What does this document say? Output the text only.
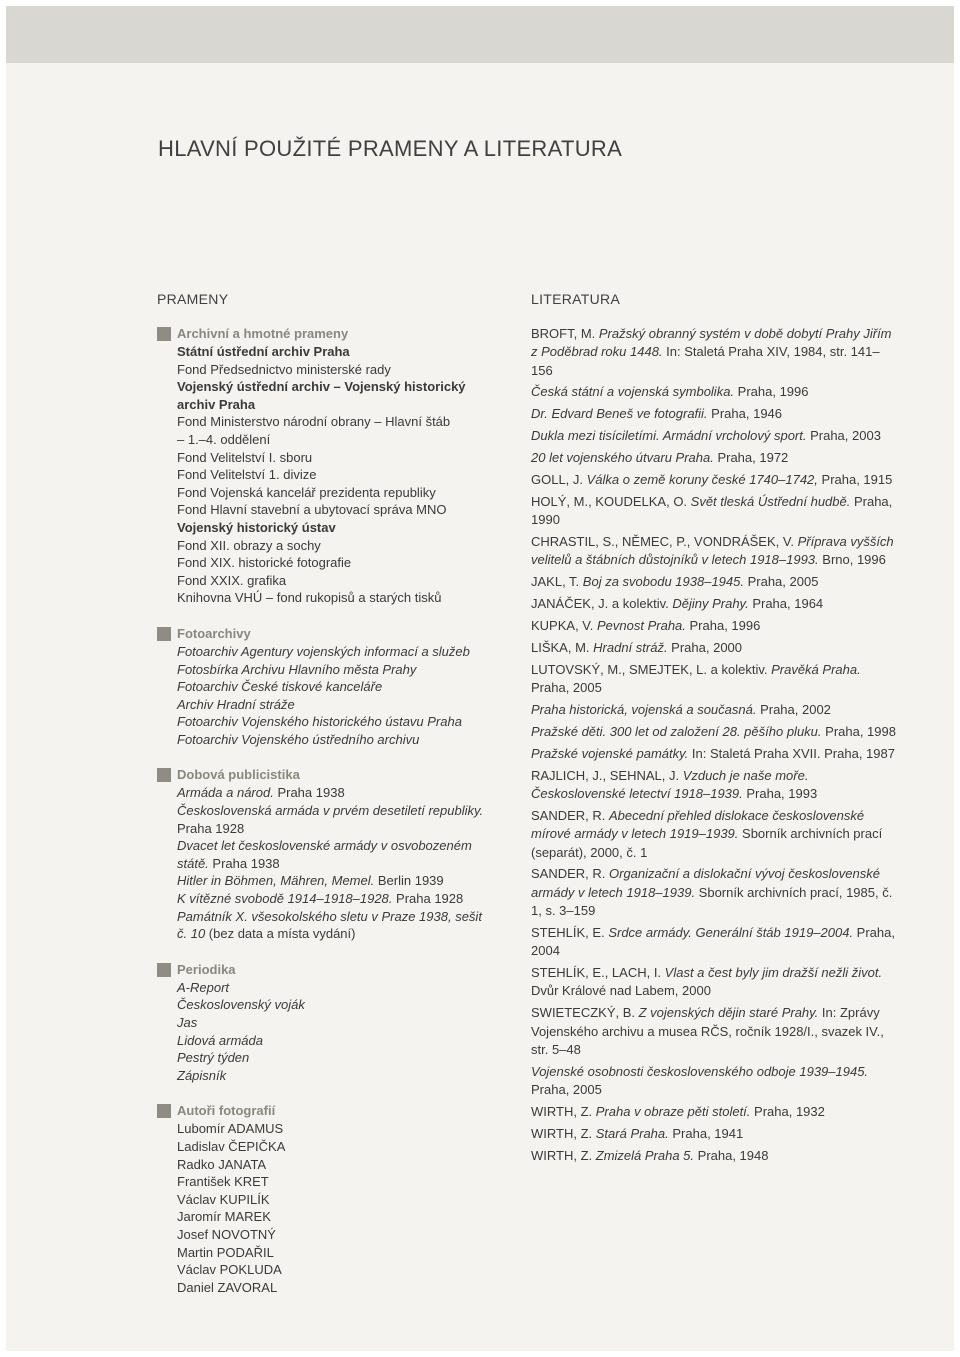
HLAVNÍ POUŽITÉ PRAMENY A LITERATURA
PRAMENY	LITERATURA
Archivní a hmotné prameny
Státní ústřední archiv Praha
Fond Předsednictvo ministerské rady
Vojenský ústřední archiv – Vojenský historický
archiv Praha
Fond Ministerstvo národní obrany – Hlavní štáb
– 1.–4. oddělení
Fond Velitelství I. sboru
Fond Velitelství 1. divize
Fond Vojenská kancelář prezidenta republiky
Fond Hlavní stavební a ubytovací správa MNO
Vojenský historický ústav
Fond XII. obrazy a sochy
Fond XIX. historické fotografie
Fond XXIX. grafika
Knihovna VHÚ – fond rukopisů a starých tisků
Fotoarchivy
Fotoarchiv Agentury vojenských informací a služeb
Fotosbírka Archivu Hlavního města Prahy
Fotoarchiv České tiskové kanceláře
Archiv Hradní stráže
Fotoarchiv Vojenského historického ústavu Praha
Fotoarchiv Vojenského ústředního archivu
Dobová publicistika
Armáda a národ. Praha 1938
Československá armáda v prvém desetiletí republiky.
Praha 1928
Dvacet let československé armády v osvobozeném
státě. Praha 1938
Hitler in Böhmen, Mähren, Memel. Berlin 1939
K vítězné svobodě 1914–1918–1928. Praha 1928
Památník X. všesokolského sletu v Praze 1938, sešit
č. 10 (bez data a místa vydání)
Periodika
A-Report
Československý voják
Jas
Lidová armáda
Pestrý týden
Zápisník
Autoři fotografií
Lubomír ADAMUS
Ladislav ČEPIČKA
Radko JANATA
František KRET
Václav KUPILÍK
Jaromír MAREK
Josef NOVOTNÝ
Martin PODAŘIL
Václav POKLUDA
Daniel ZAVORAL
BROFT, M. Pražský obranný systém v době dobytí Prahy Jiřím z Poděbrad roku 1448. In: Staletá Praha XIV, 1984, str. 141–156
Česká státní a vojenská symbolika. Praha, 1996
Dr. Edvard Beneš ve fotografii. Praha, 1946
Dukla mezi tisíciletími. Armádní vrcholový sport. Praha, 2003
20 let vojenského útvaru Praha. Praha, 1972
GOLL, J. Válka o země koruny české 1740–1742, Praha, 1915
HOLÝ, M., KOUDELKA, O. Svět tleská Ústřední hudbě. Praha, 1990
CHRASTIL, S., NĚMEC, P., VONDRÁŠEK, V. Příprava vyšších velitelů a štábních důstojníků v letech 1918–1993. Brno, 1996
JAKL, T. Boj za svobodu 1938–1945. Praha, 2005
JANÁČEK, J. a kolektiv. Dějiny Prahy. Praha, 1964
KUPKA, V. Pevnost Praha. Praha, 1996
LIŠKA, M. Hradní stráž. Praha, 2000
LUTOVSKÝ, M., SMEJTEK, L. a kolektiv. Pravěká Praha. Praha, 2005
Praha historická, vojenská a současná. Praha, 2002
Pražské děti. 300 let od založení 28. pěšího pluku. Praha, 1998
Pražské vojenské památky. In: Staletá Praha XVII. Praha, 1987
RAJLICH, J., SEHNAL, J. Vzduch je naše moře. Československé letectví 1918–1939. Praha, 1993
SANDER, R. Abecední přehled dislokace československé mírové armády v letech 1919–1939. Sborník archivních prací (separát), 2000, č. 1
SANDER, R. Organizační a dislokační vývoj československé armády v letech 1918–1939. Sborník archivních prací, 1985, č. 1, s. 3–159
STEHLÍK, E. Srdce armády. Generální štáb 1919–2004. Praha, 2004
STEHLÍK, E., LACH, I. Vlast a čest byly jim dražší nežli život. Dvůr Králové nad Labem, 2000
SWIETECZKÝ, B. Z vojenských dějin staré Prahy. In: Zprávy Vojenského archivu a musea RČS, ročník 1928/I., svazek IV., str. 5–48
Vojenské osobnosti československého odboje 1939–1945. Praha, 2005
WIRTH, Z. Praha v obraze pěti století. Praha, 1932
WIRTH, Z. Stará Praha. Praha, 1941
WIRTH, Z. Zmizelá Praha 5. Praha, 1948
